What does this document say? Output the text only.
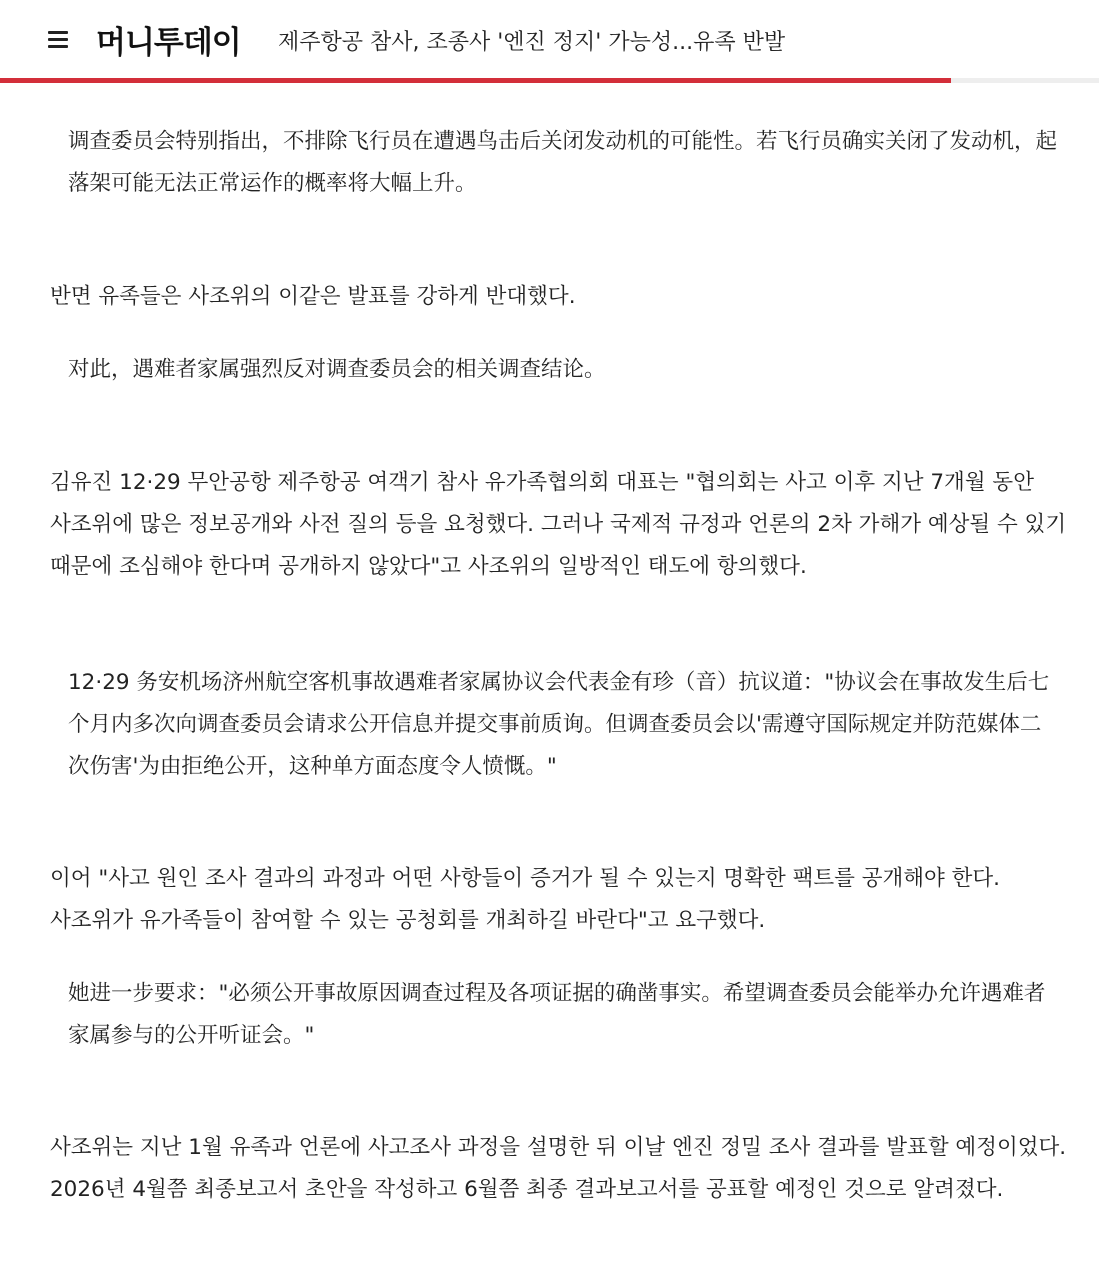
머니투데이 제주항공 참사, 조종사 '엔진 정지' 가능성...유족 반발

调查委员会特别指出，不排除飞行员在遭遇鸟击后关闭发动机的可能性。若飞行员确实关闭了发动机，起落架可能无法正常运作的概率将大幅上升。

반면 유족들은 사조위의 이같은 발표를 강하게 반대했다.

对此，遇难者家属强烈反对调查委员会的相关调查结论。

김유진 12·29 무안공항 제주항공 여객기 참사 유가족협의회 대표는 "협의회는 사고 이후 지난 7개월 동안 사조위에 많은 정보공개와 사전 질의 등을 요청했다. 그러나 국제적 규정과 언론의 2차 가해가 예상될 수 있기 때문에 조심해야 한다며 공개하지 않았다"고 사조위의 일방적인 태도에 항의했다.

12·29 务安机场济州航空客机事故遇难者家属协议会代表金有珍（音）抗议道："协议会在事故发生后七个月内多次向调查委员会请求公开信息并提交事前质询。但调查委员会以'需遵守国际规定并防范媒体二次伤害'为由拒绝公开，这种单方面态度令人愤慨。"

이어 "사고 원인 조사 결과의 과정과 어떤 사항들이 증거가 될 수 있는지 명확한 팩트를 공개해야 한다. 사조위가 유가족들이 참여할 수 있는 공청회를 개최하길 바란다"고 요구했다.

她进一步要求："必须公开事故原因调查过程及各项证据的确凿事实。希望调查委员会能举办允许遇难者家属参与的公开听证会。"

사조위는 지난 1월 유족과 언론에 사고조사 과정을 설명한 뒤 이날 엔진 정밀 조사 결과를 발표할 예정이었다. 2026년 4월쯤 최종보고서 초안을 작성하고 6월쯤 최종 결과보고서를 공표할 예정인 것으로 알려졌다.
